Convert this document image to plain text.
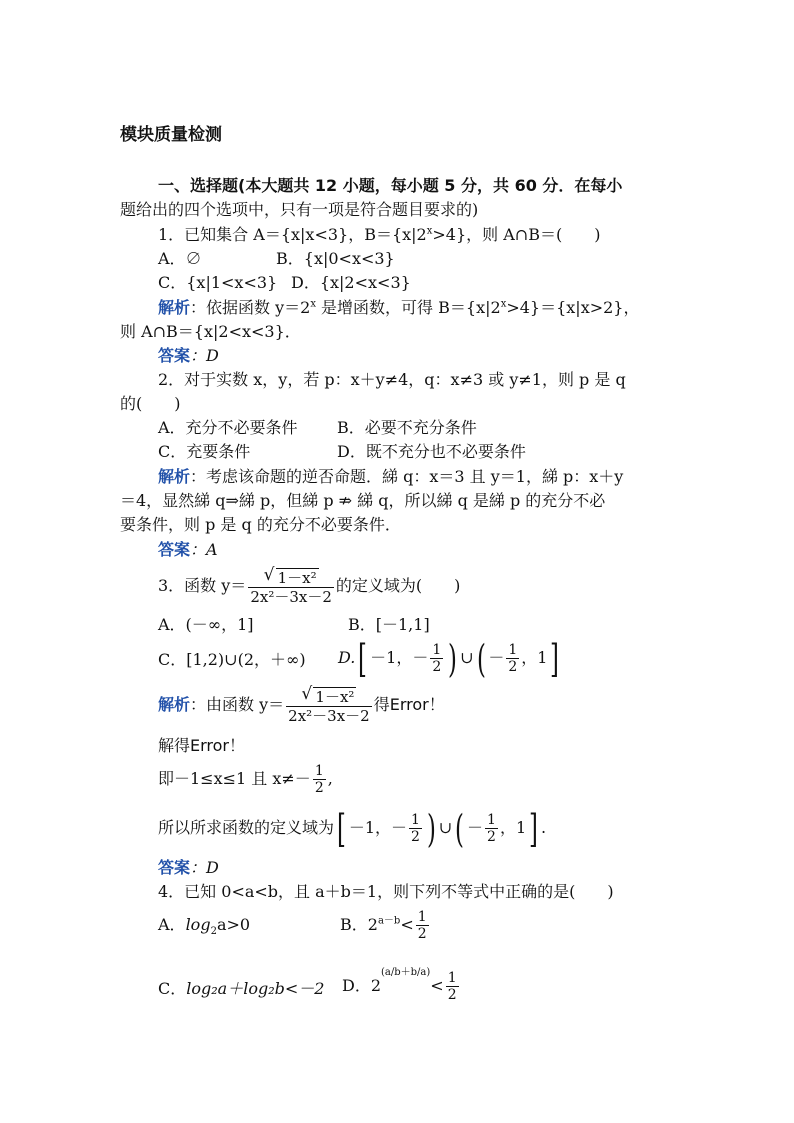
模块质量检测
一、选择题(本大题共 12 小题，每小题 5 分，共 60 分．在每小
题给出的四个选项中，只有一项是符合题目要求的)
1．已知集合 A＝{x|x<3}，$B=\{x|2^x>4\}$，则 A∩B＝(　　)
A．∅	B．{x|0<x<3}
C．{x|1<x<3} D．{x|2<x<3}
解析：依据函数 $y=2^x$ 是增函数，可得 $B=\{x|2^x>4\}=\{x|x>2\}$，
则 A∩B＝{x|2<x<3}．
答案：D
2．对于实数 x，y，若 p：x＋y≠4，q：x≠3 或 y≠1，则 p 是 q
的(　　)
A．充分不必要条件 B．必要不充分条件
C．充要条件	D．既不充分也不必要条件
解析：考虑该命题的逆否命题．綈 q：x＝3 且 y＝1，綈 p：x＋y
＝4，显然綈 q⇒綈 p，但綈 p ⇏ 綈 q，所以綈 q 是綈 p 的充分不必
要条件，则 p 是 q 的充分不必要条件．
答案：A
3．函数 y＝ √ $\frac{\text{1－x²}}{\text{2x²－3x－2}}$ 的定义域为(　　)
A．(－∞，1]	B．[－1,1]
C．[1,2)∪(2，＋∞) D.[ －1，－ $\frac{1}{2}$ ) ∪( － $\frac{1}{2}$ ，1]
解析：由函数 y＝ √ $\frac{\text{1－x²}}{\text{2x²－3x－2}}$ 得Error！
解得Error！
即－1≤x≤1 且 $x\ne- \frac{1}{2}$ ,
所以所求函数的定义域为[ －1，－ $\frac{1}{2}$ ) ∪( － $\frac{1}{2}$ ，1] .
答案：D
4．已知 0<a<b，且 a＋b＝1，则下列不等式中正确的是(　　)
A．$\log_2a>0$	B．$2^{a-b}< \frac{1}{2}$
C．log₂a＋log₂b<－2 D．$2^{(a/b+b/a)}< \frac{1}{2}$
